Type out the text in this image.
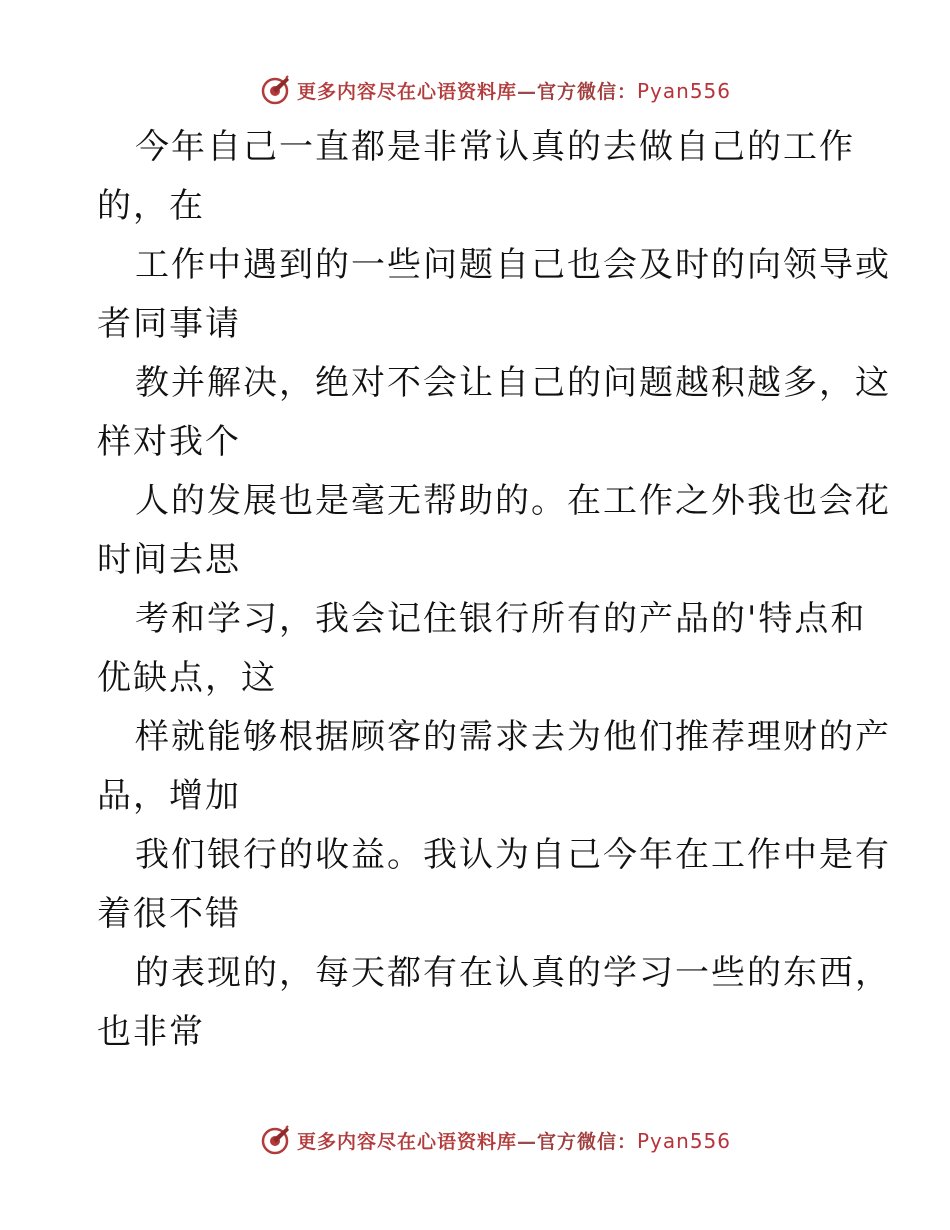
更多内容尽在心语资料库—官方微信：Pyan556
今年自己一直都是非常认真的去做自己的工作
的，在
工作中遇到的一些问题自己也会及时的向领导或
者同事请
教并解决，绝对不会让自己的问题越积越多，这
样对我个
人的发展也是毫无帮助的。在工作之外我也会花
时间去思
考和学习，我会记住银行所有的产品的'特点和
优缺点，这
样就能够根据顾客的需求去为他们推荐理财的产
品，增加
我们银行的收益。我认为自己今年在工作中是有
着很不错
的表现的，每天都有在认真的学习一些的东西，
也非常
更多内容尽在心语资料库—官方微信：Pyan556
